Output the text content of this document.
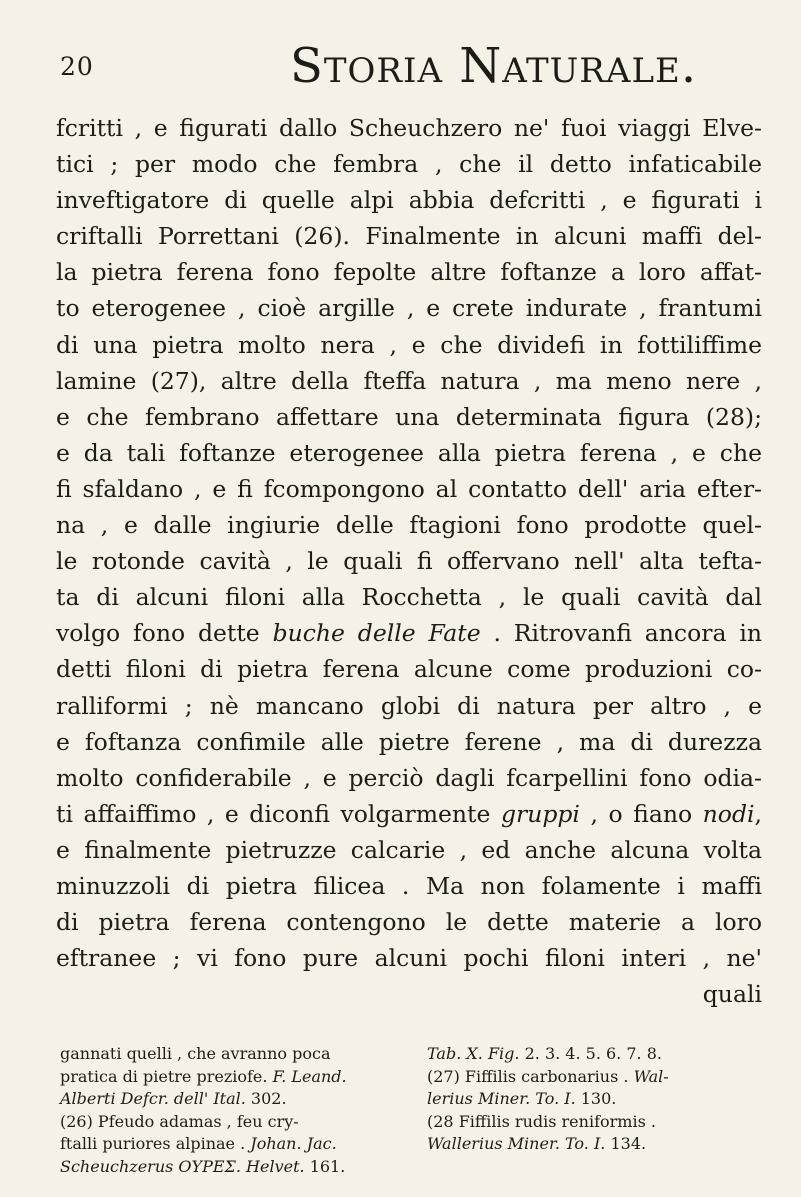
20	Storia Naturale.
fcritti , e figurati dallo Scheuchzero ne' fuoi viaggi Elve-
tici ; per modo che fembra , che il detto infaticabile
inveftigatore di quelle alpi abbia defcritti , e figurati i
criftalli Porrettani (26). Finalmente in alcuni maffi del-
la pietra ferena fono fepolte altre foftanze a loro affat-
to eterogenee , cioè argille , e crete indurate , frantumi
di una pietra molto nera , e che dividefi in fottiliffime
lamine (27), altre della fteffa natura , ma meno nere ,
e che fembrano affettare una determinata figura (28);
e da tali foftanze eterogenee alla pietra ferena , e che
fi sfaldano , e fi fcompongono al contatto dell' aria efter-
na , e dalle ingiurie delle ftagioni fono prodotte quel-
le rotonde cavità , le quali fi offervano nell' alta tefta-
ta di alcuni filoni alla Rocchetta , le quali cavità dal
volgo fono dette buche delle Fate . Ritrovanfi ancora in
detti filoni di pietra ferena alcune come produzioni co-
ralliformi ; nè mancano globi di natura per altro , e
e foftanza confimile alle pietre ferene , ma di durezza
molto confiderabile , e perciò dagli fcarpellini fono odia-
ti affaiffimo , e diconfi volgarmente gruppi , o fiano nodi,
e finalmente pietruzze calcarie , ed anche alcuna volta
minuzzoli di pietra filicea . Ma non folamente i maffi
di pietra ferena contengono le dette materie a loro
eftranee ; vi fono pure alcuni pochi filoni interi , ne'
quali
gannati quelli , che avranno poca
pratica di pietre preziofe. F. Leand.
Alberti Defcr. dell' Ital. 302.
(26) Pfeudo adamas , feu cry-
ftalli puriores alpinae . Johan. Jac.
Scheuchzerus OYPEΣ. Helvet. 161.
Tab. X. Fig. 2. 3. 4. 5. 6. 7. 8.
(27) Fiffilis carbonarius . Wal-
lerius Miner. To. I. 130.
(28 Fiffilis rudis reniformis .
Wallerius Miner. To. I. 134.
